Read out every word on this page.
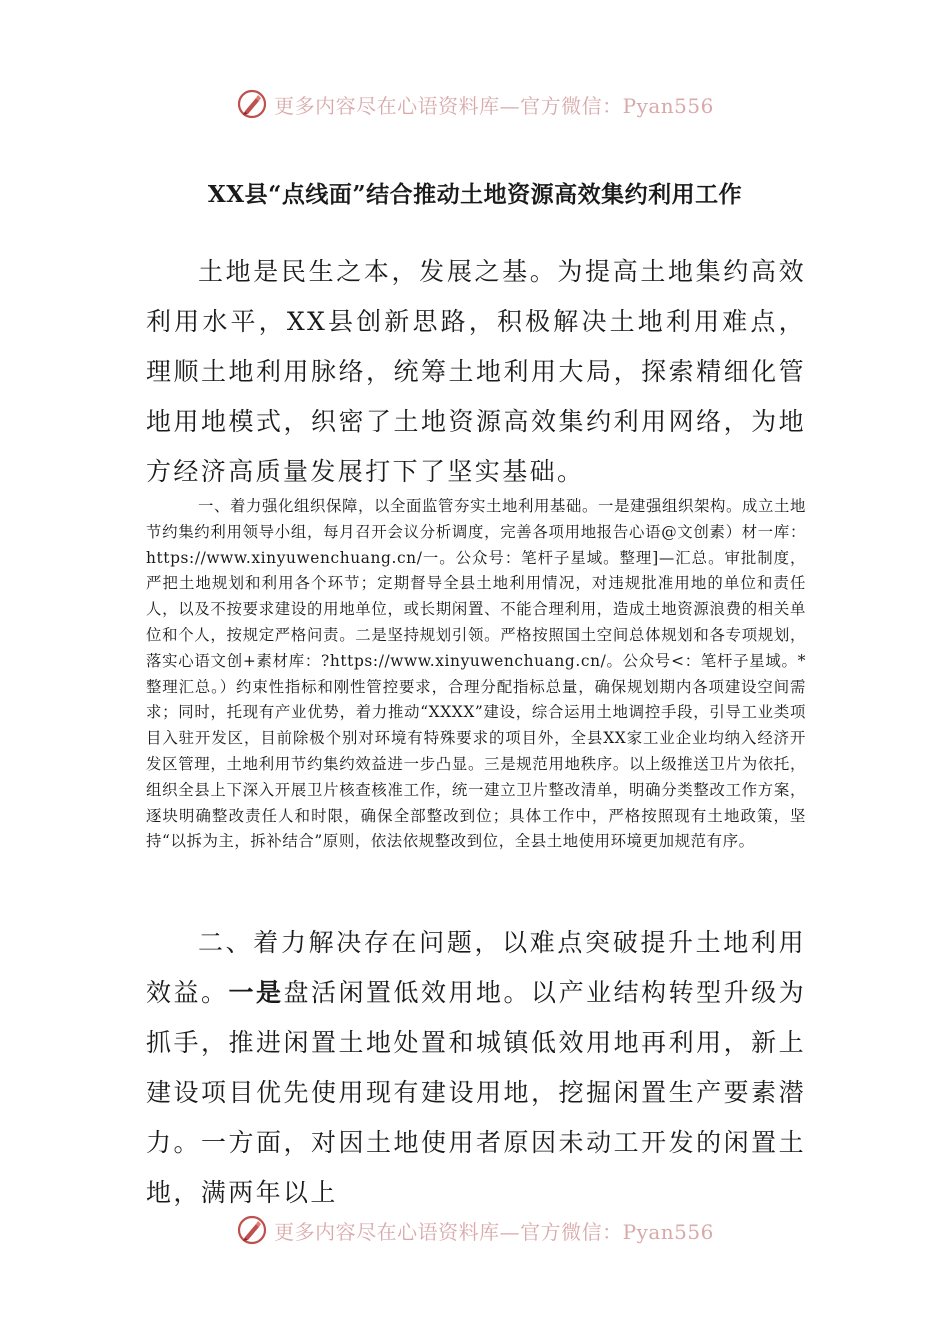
更多内容尽在心语资料库—官方微信：Pyan556
XX县“点线面”结合推动土地资源高效集约利用工作

土地是民生之本，发展之基。为提高土地集约高效利用水平，XX县创新思路，积极解决土地利用难点，理顺土地利用脉络，统筹土地利用大局，探索精细化管地用地模式，织密了土地资源高效集约利用网络，为地方经济高质量发展打下了坚实基础。

一、着力强化组织保障，以全面监管夯实土地利用基础。一是建强组织架构。成立土地节约集约利用领导小组，每月召开会议分析调度，完善各项用地报告心语@文创素）材一库：https://www.xinyuwenchuang.cn/一。公众号：笔杆子星域。整理]—汇总。审批制度，严把土地规划和利用各个环节；定期督导全县土地利用情况，对违规批准用地的单位和责任人，以及不按要求建设的用地单位，或长期闲置、不能合理利用，造成土地资源浪费的相关单位和个人，按规定严格问责。二是坚持规划引领。严格按照国土空间总体规划和各专项规划，落实心语文创+素材库：?https://www.xinyuwenchuang.cn/。公众号<：笔杆子星域。*整理汇总。）约束性指标和刚性管控要求，合理分配指标总量，确保规划期内各项建设空间需求；同时，托现有产业优势，着力推动“XXXX”建设，综合运用土地调控手段，引导工业类项目入驻开发区，目前除极个别对环境有特殊要求的项目外，全县XX家工业企业均纳入经济开发区管理，土地利用节约集约效益进一步凸显。三是规范用地秩序。以上级推送卫片为依托，组织全县上下深入开展卫片核查核准工作，统一建立卫片整改清单，明确分类整改工作方案，逐块明确整改责任人和时限，确保全部整改到位；具体工作中，严格按照现有土地政策，坚持“以拆为主，拆补结合”原则，依法依规整改到位，全县土地使用环境更加规范有序。

二、着力解决存在问题，以难点突破提升土地利用效益。一是盘活闲置低效用地。以产业结构转型升级为抓手，推进闲置土地处置和城镇低效用地再利用，新上建设项目优先使用现有建设用地，挖掘闲置生产要素潜力。一方面，对因土地使用者原因未动工开发的闲置土地，满两年以上

更多内容尽在心语资料库—官方微信：Pyan556
